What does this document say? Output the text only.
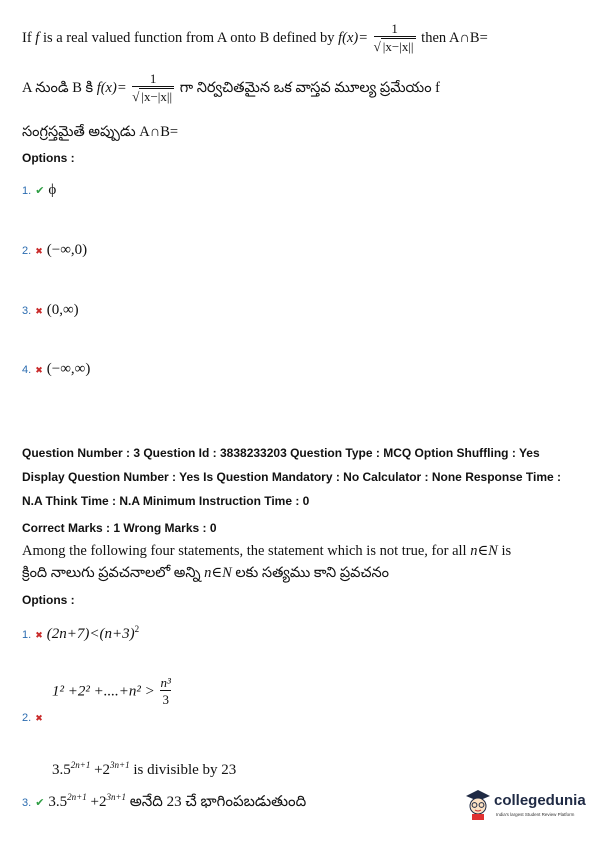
If f is a real valued function from A onto B defined by $f(x)= \frac{1}{√ |x-|x||}$ then A∩B=
A నుండి B కి $f(x)= \frac{1}{√ |x-|x||}$ గా నిర్వచితమైన ఒక వాస్తవ మూల్య ప్రమేయం f
సంగ్రస్తమైతే అప్పుడు A∩B=
Options :
1. ✔ ϕ
2. ✖ (−∞,0)
3. ✖ (0,∞)
4. ✖ (−∞,∞)
Question Number : 3 Question Id : 3838233203 Question Type : MCQ Option Shuffling : Yes Display Question Number : Yes Is Question Mandatory : No Calculator : None Response Time : N.A Think Time : N.A Minimum Instruction Time : 0
Correct Marks : 1 Wrong Marks : 0
Among the following four statements, the statement which is not true, for all n∈N is
క్రింది నాలుగు ప్రవచనాలలో అన్ని n∈N లకు సత్యము కాని ప్రవచనం
Options :
1. ✖ $(2n+7)<(n+3)^2$
$1^2 +2^2 +....+n^2 > \frac{\text{n³}}{3}$
2. ✖
$3.5^{2n+1} +2^{3n+1}$ is divisible by 23
3. ✔ $3.5^{2n+1} +2^{3n+1}$ అనేది 23 చే భాగింపబడుతుంది	collegedunia
India's largest Student Review Platform
